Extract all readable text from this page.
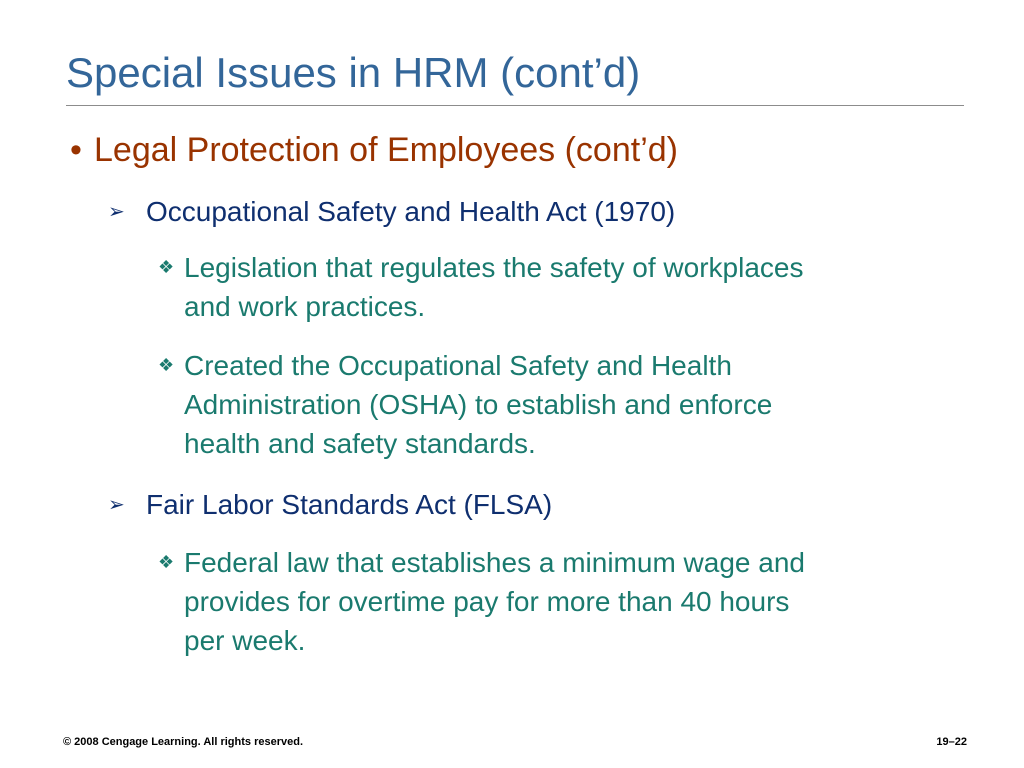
Special Issues in HRM (cont’d)
• Legal Protection of Employees (cont’d)
➢ Occupational Safety and Health Act (1970)
❖ Legislation that regulates the safety of workplaces
and work practices.
❖ Created the Occupational Safety and Health
Administration (OSHA) to establish and enforce
health and safety standards.
➢ Fair Labor Standards Act (FLSA)
❖ Federal law that establishes a minimum wage and
provides for overtime pay for more than 40 hours
per week.
© 2008 Cengage Learning. All rights reserved.	19–22
